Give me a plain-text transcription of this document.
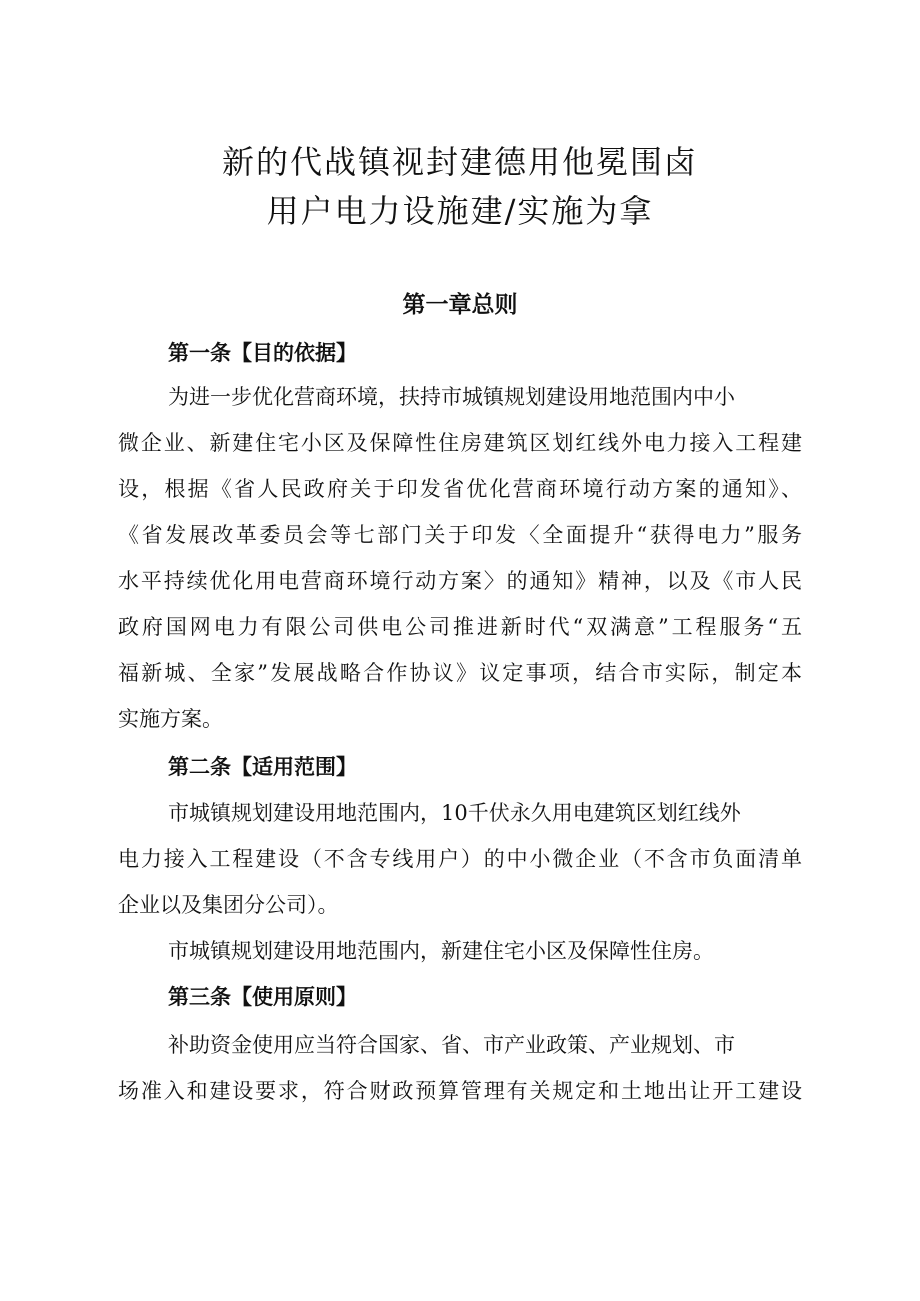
新的代战镇视封建德用他冕围卤
用户电力设施建/实施为拿
第一章总则
第一条【目的依据】

为进一步优化营商环境，扶持市城镇规划建设用地范围内中小

微企业、新建住宅小区及保障性住房建筑区划红线外电力接入工程建

设，根据《省人民政府关于印发省优化营商环境行动方案的通知》、

《省发展改革委员会等七部门关于印发〈全面提升“获得电力”服务

水平持续优化用电营商环境行动方案〉的通知》精神，以及《市人民

政府国网电力有限公司供电公司推进新时代“双满意”工程服务“五

福新城、全家”发展战略合作协议》议定事项，结合市实际，制定本

实施方案。

第二条【适用范围】

市城镇规划建设用地范围内，10千伏永久用电建筑区划红线外

电力接入工程建设（不含专线用户）的中小微企业（不含市负面清单

企业以及集团分公司）。

市城镇规划建设用地范围内，新建住宅小区及保障性住房。

第三条【使用原则】

补助资金使用应当符合国家、省、市产业政策、产业规划、市

场准入和建设要求，符合财政预算管理有关规定和土地出让开工建设
